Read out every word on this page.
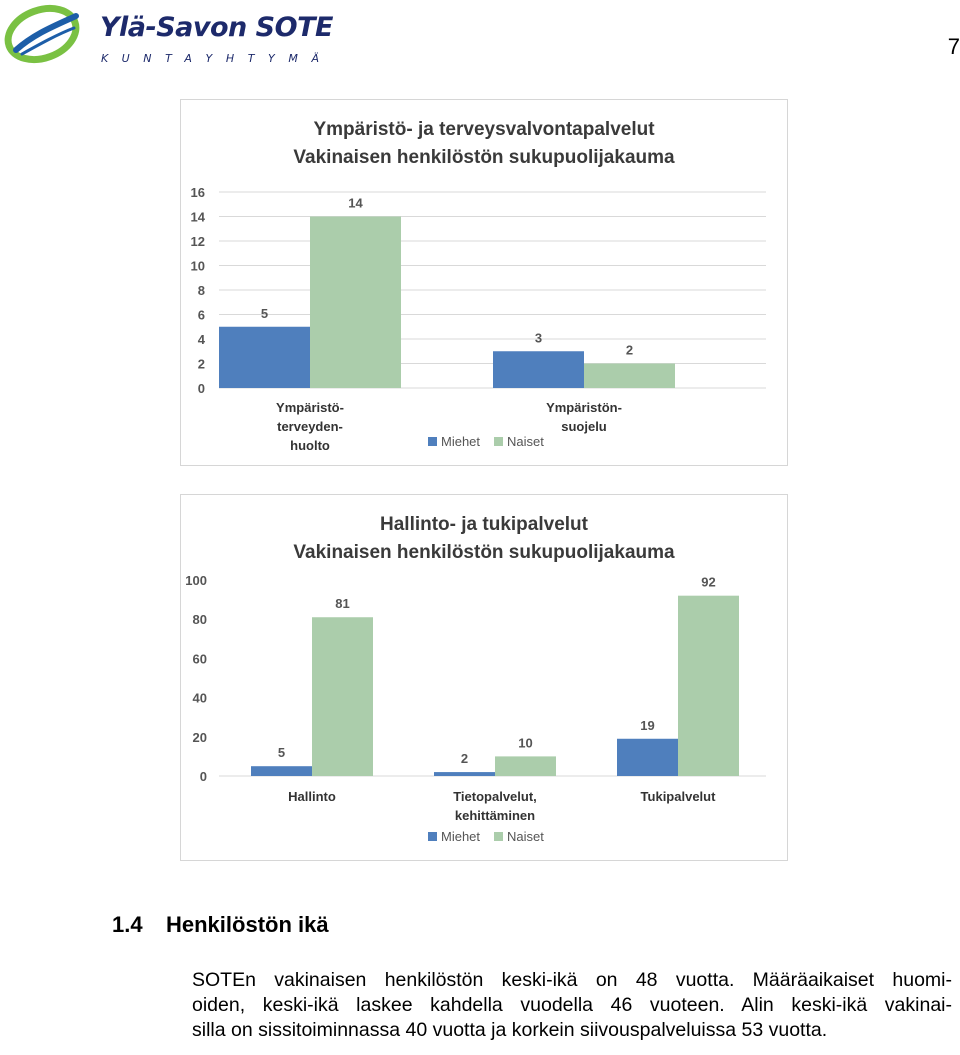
Ylä-Savon SOTE
KUNTAYHTYMÄ	7
Ympäristö- ja terveysvalvontapalvelut
Vakinaisen henkilöstön sukupuolijakauma
0
2
4
6
8
10
12
14
16
5
14
Ympäristö-
terveyden-
huolto
3
2
Ympäristön-
suojelu
Miehet Naiset
Hallinto- ja tukipalvelut
Vakinaisen henkilöstön sukupuolijakauma
0
20
40
60
80
100
5
81
Hallinto
2
10
Tietopalvelut,
kehittäminen
19
92
Tukipalvelut
Miehet Naiset
1.4 Henkilöstön ikä
SOTEn vakinaisen henkilöstön keski-ikä on 48 vuotta. Määräaikaiset huomi-
oiden, keski-ikä laskee kahdella vuodella 46 vuoteen. Alin keski-ikä vakinai-
silla on sissitoiminnassa 40 vuotta ja korkein siivouspalveluissa 53 vuotta.
